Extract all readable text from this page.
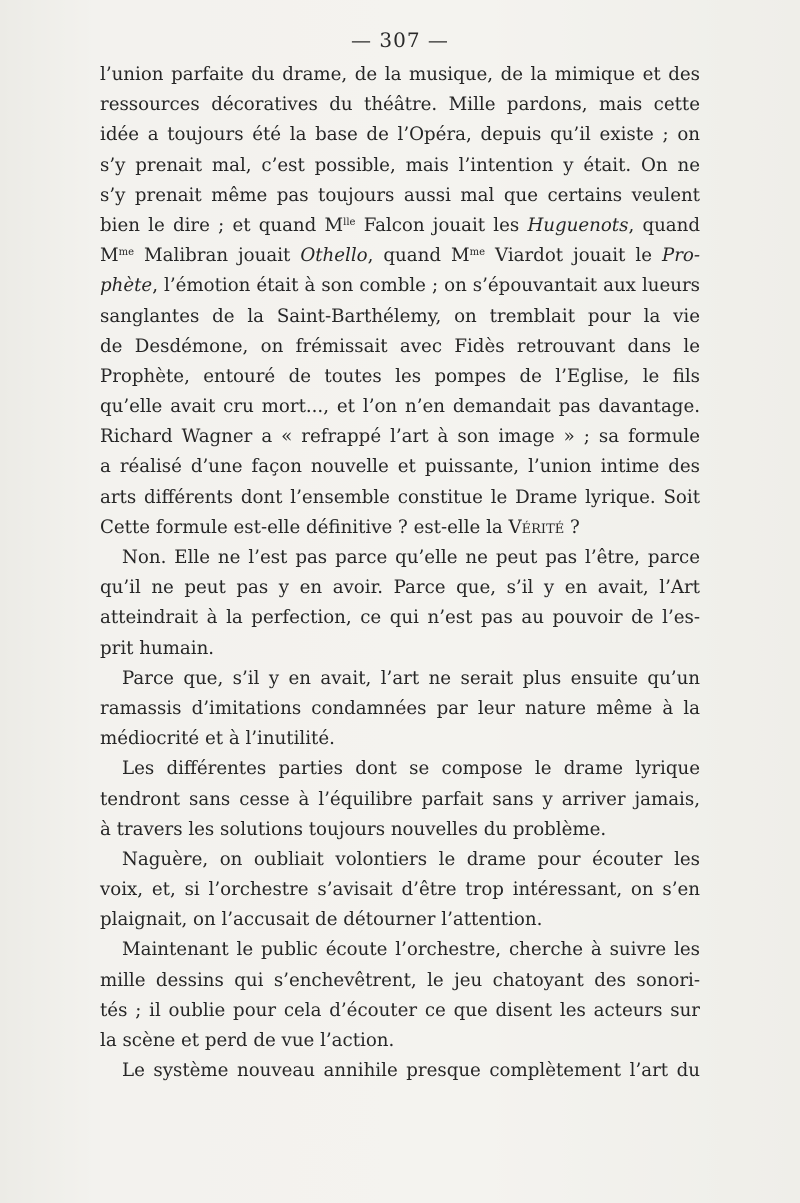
— 307 —
l’union parfaite du drame, de la musique, de la mimique et des
ressources décoratives du théâtre. Mille pardons, mais cette
idée a toujours été la base de l’Opéra, depuis qu’il existe ; on
s’y prenait mal, c’est possible, mais l’intention y était. On ne
s’y prenait même pas toujours aussi mal que certains veulent
bien le dire ; et quand $M^{lle}$ Falcon jouait les Huguenots, quand
$M^{me}$ Malibran jouait Othello, quand $M^{me}$ Viardot jouait le Pro-
phète, l’émotion était à son comble ; on s’épouvantait aux lueurs
sanglantes de la Saint-Barthélemy, on tremblait pour la vie
de Desdémone, on frémissait avec Fidès retrouvant dans le
Prophète, entouré de toutes les pompes de l’Eglise, le fils
qu’elle avait cru mort..., et l’on n’en demandait pas davantage.
Richard Wagner a « refrappé l’art à son image » ; sa formule
a réalisé d’une façon nouvelle et puissante, l’union intime des
arts différents dont l’ensemble constitue le Drame lyrique. Soit
Cette formule est-elle définitive ? est-elle la Vérité ?
Non. Elle ne l’est pas parce qu’elle ne peut pas l’être, parce
qu’il ne peut pas y en avoir. Parce que, s’il y en avait, l’Art
atteindrait à la perfection, ce qui n’est pas au pouvoir de l’es-
prit humain.
Parce que, s’il y en avait, l’art ne serait plus ensuite qu’un
ramassis d’imitations condamnées par leur nature même à la
médiocrité et à l’inutilité.
Les différentes parties dont se compose le drame lyrique
tendront sans cesse à l’équilibre parfait sans y arriver jamais,
à travers les solutions toujours nouvelles du problème.
Naguère, on oubliait volontiers le drame pour écouter les
voix, et, si l’orchestre s’avisait d’être trop intéressant, on s’en
plaignait, on l’accusait de détourner l’attention.
Maintenant le public écoute l’orchestre, cherche à suivre les
mille dessins qui s’enchevêtrent, le jeu chatoyant des sonori-
tés ; il oublie pour cela d’écouter ce que disent les acteurs sur
la scène et perd de vue l’action.
Le système nouveau annihile presque complètement l’art du
